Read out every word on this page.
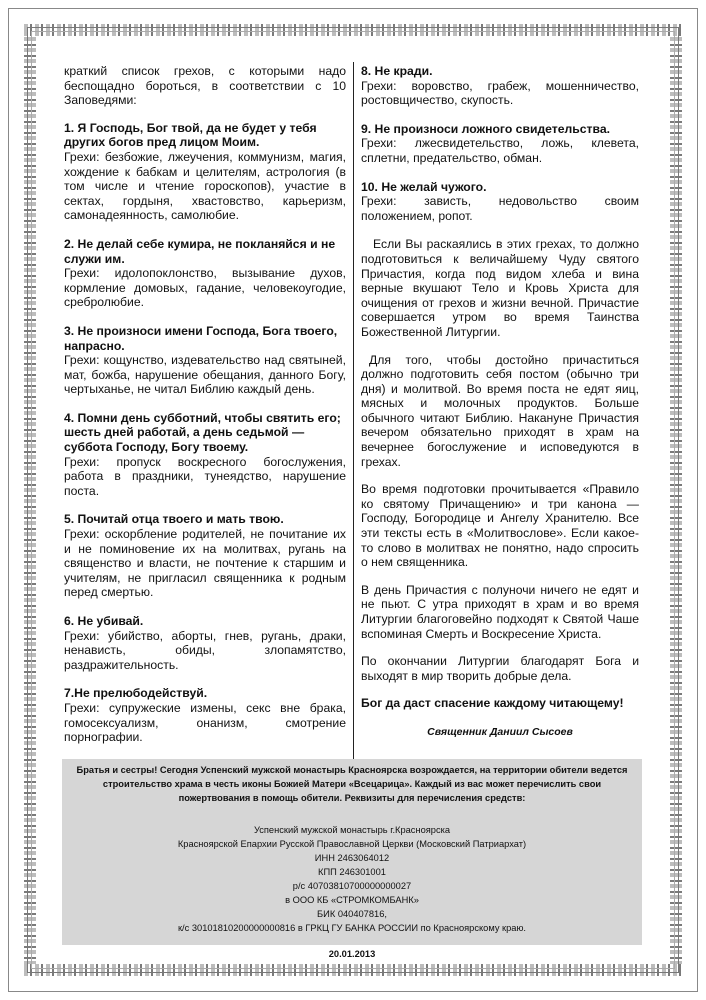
краткий список грехов, с которыми надо беспощадно бороться, в соответствии с 10 Заповедями:

1. Я Господь, Бог твой, да не будет у тебя других богов пред лицом Моим.

Грехи: безбожие, лжеучения, коммунизм, магия, хождение к бабкам и целителям, астрология (в том числе и чтение гороскопов), участие в сектах, гордыня, хвастовство, карьеризм, самонадеянность, самолюбие.

2. Не делай себе кумира, не покланяйся и не служи им.

Грехи: идолопоклонство, вызывание духов, кормление домовых, гадание, человекоугодие, сребролюбие.

3. Не произноси имени Господа, Бога твоего, напрасно.

Грехи: кощунство, издевательство над святыней, мат, божба, нарушение обещания, данного Богу, чертыханье, не читал Библию каждый день.

4. Помни день субботний, чтобы святить его; шесть дней работай, а день седьмой — суббота Господу, Богу твоему.

Грехи: пропуск воскресного богослужения, работа в праздники, тунеядство, нарушение поста.

5. Почитай отца твоего и мать твою.

Грехи: оскорбление родителей, не почитание их и не поминовение их на молитвах, ругань на священство и власти, не почтение к старшим и учителям, не пригласил священника к родным перед смертью.

6. Не убивай.

Грехи: убийство, аборты, гнев, ругань, драки, ненависть, обиды, злопамятство, раздражительность.

7.Не прелюбодействуй.

Грехи: супружеские измены, секс вне брака, гомосексуализм, онанизм, смотрение порнографии.

8. Не кради.

Грехи: воровство, грабеж, мошенничество, ростовщичество, скупость.

9. Не произноси ложного свидетельства.

Грехи: лжесвидетельство, ложь, клевета, сплетни, предательство, обман.

10. Не желай чужого.

Грехи: зависть, недовольство своим положением, ропот.

Если Вы раскаялись в этих грехах, то должно подготовиться к величайшему Чуду святого Причастия, когда под видом хлеба и вина верные вкушают Тело и Кровь Христа для очищения от грехов и жизни вечной. Причастие совершается утром во время Таинства Божественной Литургии.

Для того, чтобы достойно причаститься должно подготовить себя постом (обычно три дня) и молитвой. Во время поста не едят яиц, мясных и молочных продуктов. Больше обычного читают Библию. Накануне Причастия вечером обязательно приходят в храм на вечернее богослужение и исповедуются в грехах.

Во время подготовки прочитывается «Правило ко святому Причащению» и три канона — Господу, Богородице и Ангелу Хранителю. Все эти тексты есть в «Молитвослове». Если какое-то слово в молитвах не понятно, надо спросить о нем священника.

В день Причастия с полуночи ничего не едят и не пьют. С утра приходят в храм и во время Литургии благоговейно подходят к Святой Чаше вспоминая Смерть и Воскресение Христа.

По окончании Литургии благодарят Бога и выходят в мир творить добрые дела.

Бог да даст спасение каждому читающему!

Священник Даниил Сысоев

Братья и сестры! Сегодня Успенский мужской монастырь Красноярска возрождается, на территории обители ведется строительство храма в честь иконы Божией Матери «Всецарица». Каждый из вас может перечислить свои пожертвования в помощь обители. Реквизиты для перечисления средств:

Успенский мужской монастырь г.Красноярска
Красноярской Епархии Русской Православной Церкви (Московский Патриархат)
ИНН 2463064012
КПП 246301001
р/с 40703810700000000027
в ООО КБ «СТРОМКОМБАНК»
БИК 040407816,
к/с 30101810200000000816 в ГРКЦ ГУ БАНКА РОССИИ по Красноярскому краю.
20.01.2013
